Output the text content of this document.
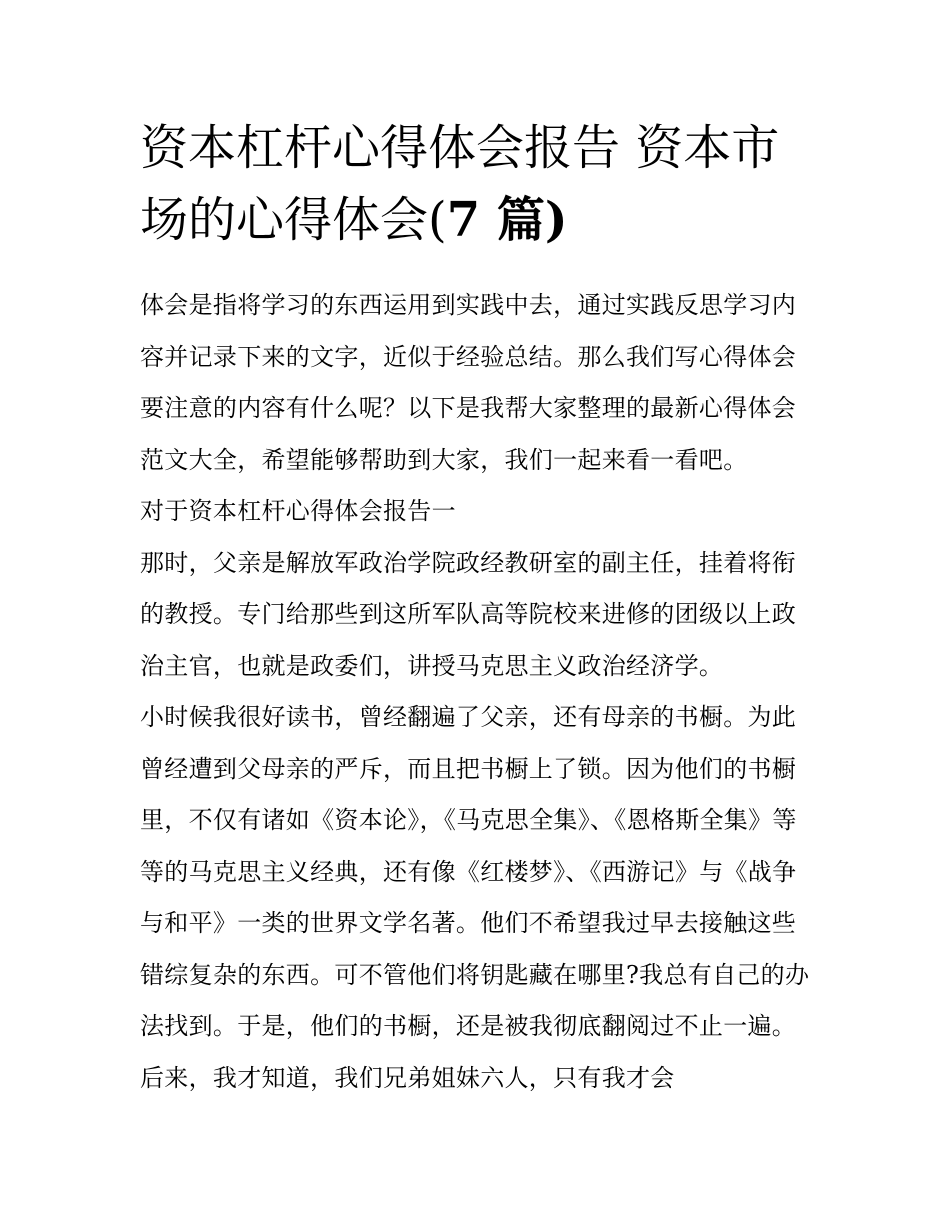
资本杠杆心得体会报告 资本市场的心得体会(7 篇)

体会是指将学习的东西运用到实践中去，通过实践反思学习内容并记录下来的文字，近似于经验总结。那么我们写心得体会要注意的内容有什么呢？以下是我帮大家整理的最新心得体会范文大全，希望能够帮助到大家，我们一起来看一看吧。

对于资本杠杆心得体会报告一

那时，父亲是解放军政治学院政经教研室的副主任，挂着将衔的教授。专门给那些到这所军队高等院校来进修的团级以上政治主官，也就是政委们，讲授马克思主义政治经济学。

小时候我很好读书，曾经翻遍了父亲，还有母亲的书橱。为此曾经遭到父母亲的严斥，而且把书橱上了锁。因为他们的书橱里，不仅有诸如《资本论》，《马克思全集》、《恩格斯全集》等等的马克思主义经典，还有像《红楼梦》、《西游记》与《战争与和平》一类的世界文学名著。他们不希望我过早去接触这些错综复杂的东西。可不管他们将钥匙藏在哪里?我总有自己的办法找到。于是，他们的书橱，还是被我彻底翻阅过不止一遍。后来，我才知道，我们兄弟姐妹六人，只有我才会
